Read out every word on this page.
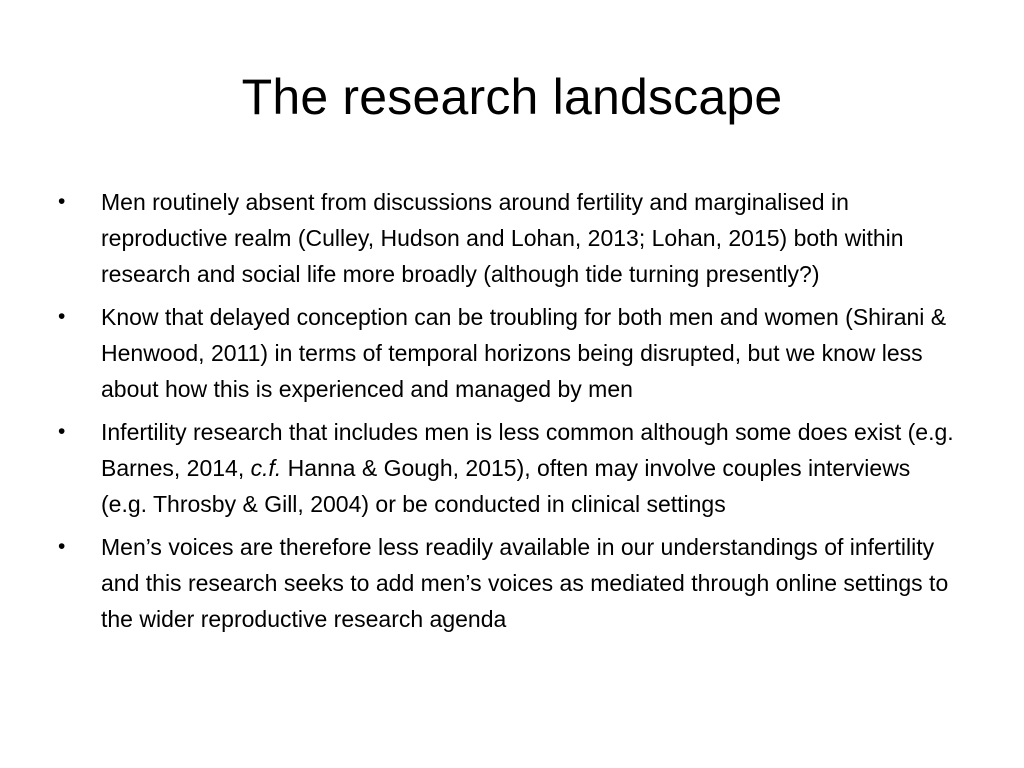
The research landscape
• Men routinely absent from discussions around fertility and marginalised in reproductive realm (Culley, Hudson and Lohan, 2013; Lohan, 2015) both within research and social life more broadly (although tide turning presently?)
• Know that delayed conception can be troubling for both men and women (Shirani & Henwood, 2011) in terms of temporal horizons being disrupted, but we know less about how this is experienced and managed by men
• Infertility research that includes men is less common although some does exist (e.g. Barnes, 2014, c.f. Hanna & Gough, 2015), often may involve couples interviews (e.g. Throsby & Gill, 2004) or be conducted in clinical settings
• Men’s voices are therefore less readily available in our understandings of infertility and this research seeks to add men’s voices as mediated through online settings to the wider reproductive research agenda
